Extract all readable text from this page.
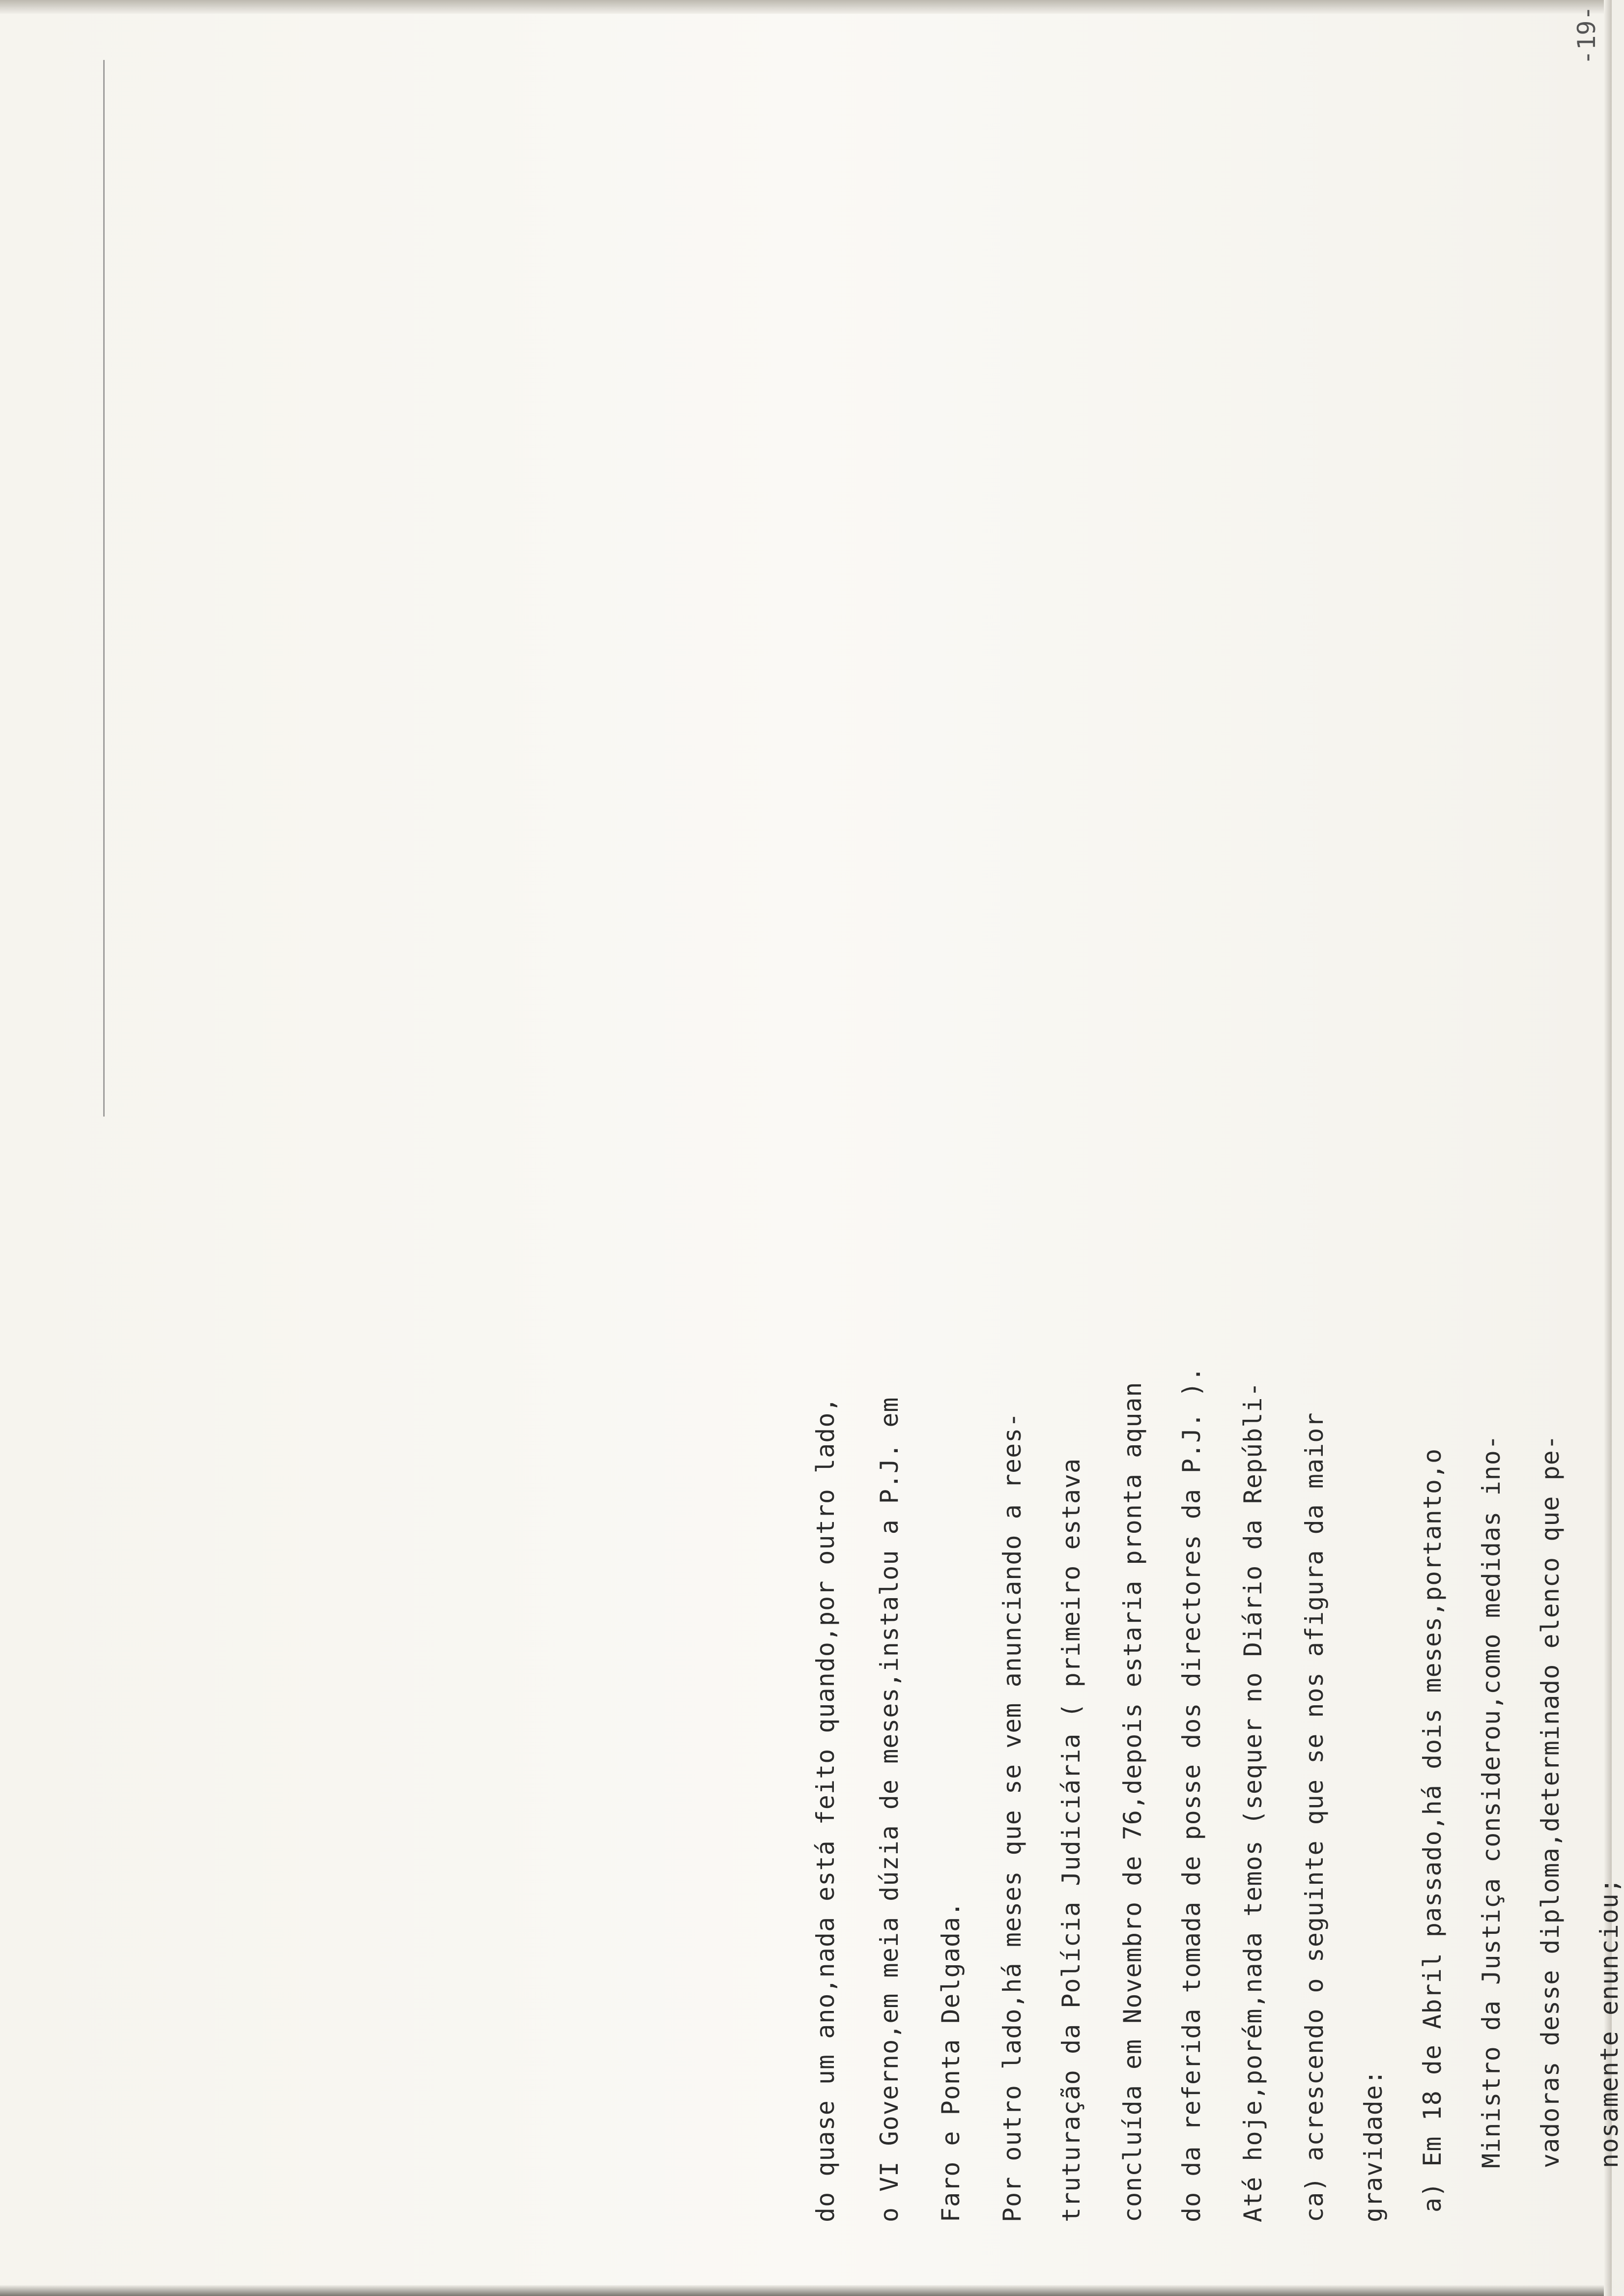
-19-
do quase um ano,nada está feito quando,por outro lado, o VI Governo,em meia dúzia de meses,instalou a P.J. em Faro e Ponta Delgada. Por outro lado,há meses que se vem anunciando a rees- truturação da Polícia Judiciária ( primeiro estava concluída em Novembro de 76,depois estaria pronta aquan do da referida tomada de posse dos directores da P.J. ). Até hoje,porém,nada temos (sequer no Diário da Repúbli- ca) acrescendo o seguinte que se nos afigura da maior gravidade: a) Em 18 de Abril passado,há dois meses,portanto,o Ministro da Justiça considerou,como medidas ino- vadoras desse diploma,determinado elenco que pe- nosamente enunciou;
